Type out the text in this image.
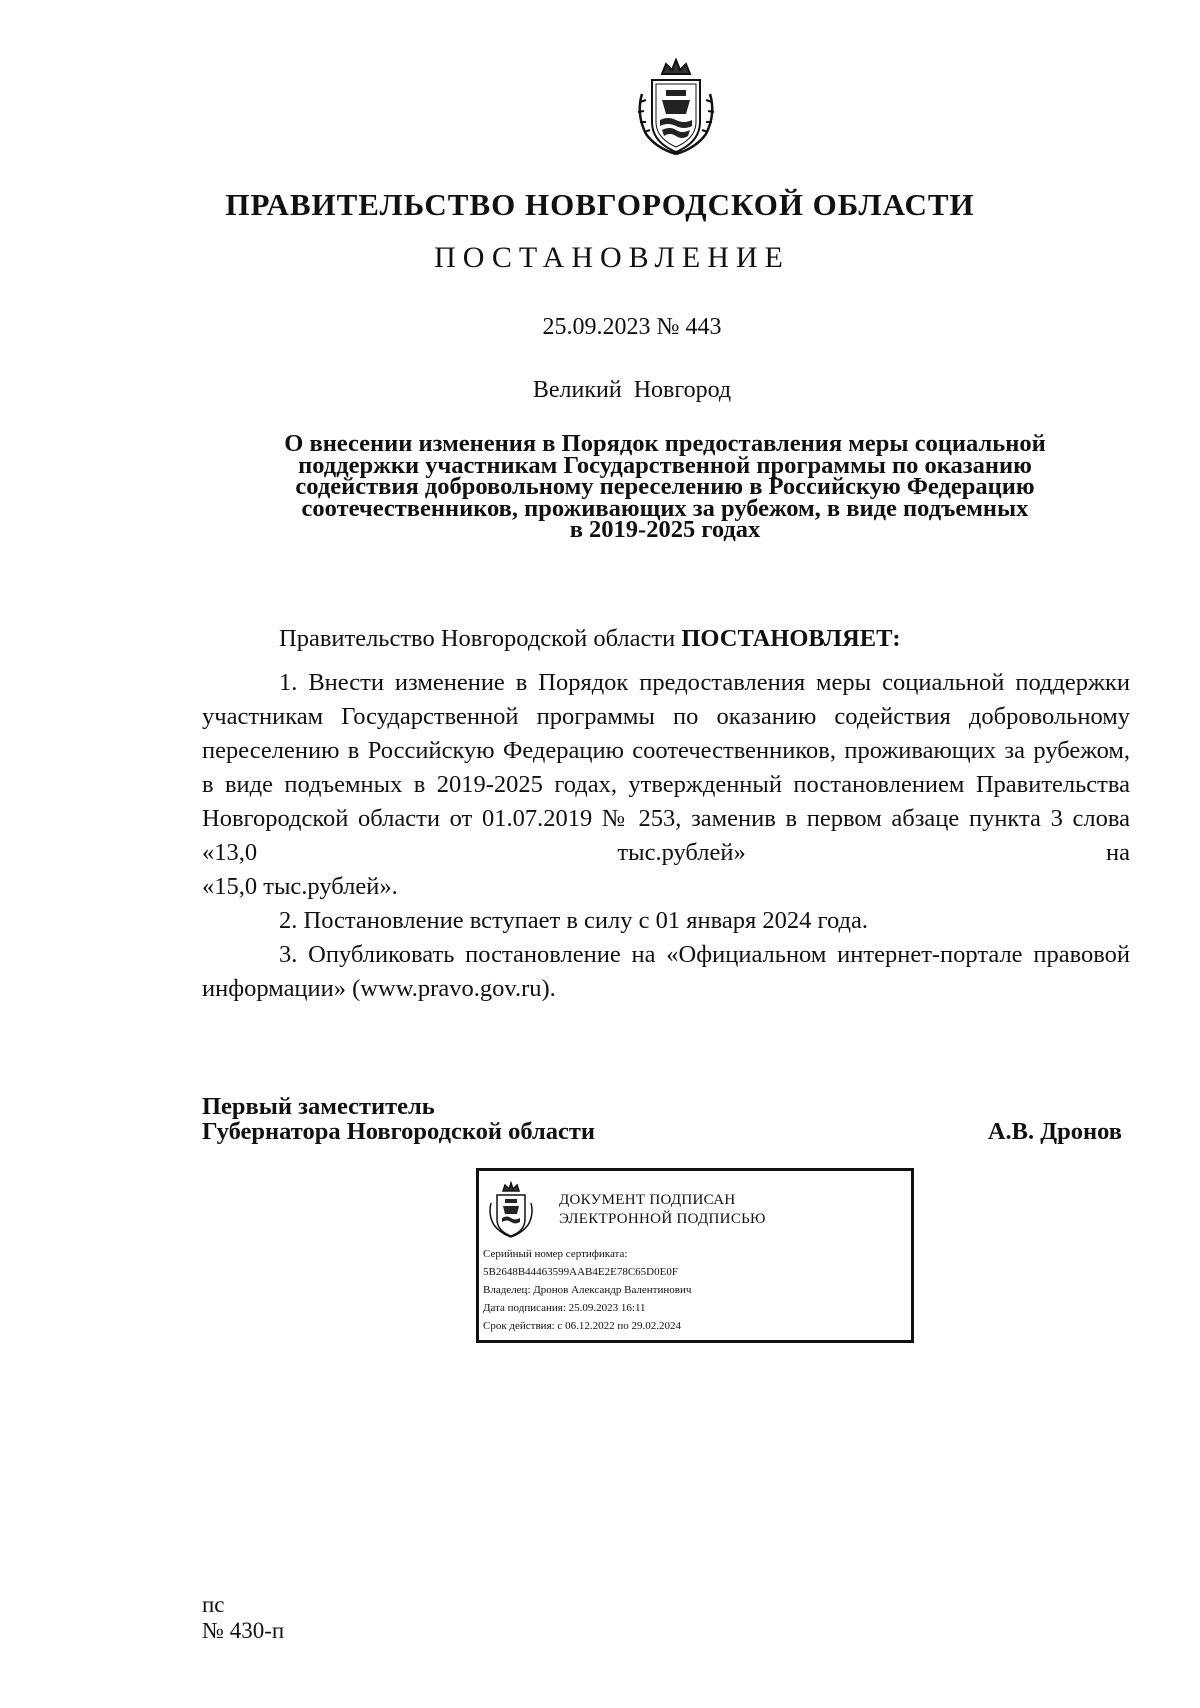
ПРАВИТЕЛЬСТВО НОВГОРОДСКОЙ ОБЛАСТИ
ПОСТАНОВЛЕНИЕ
25.09.2023 № 443
Великий Новгород
О внесении изменения в Порядок предоставления меры социальной
поддержки участникам Государственной программы по оказанию
содействия добровольному переселению в Российскую Федерацию
соотечественников, проживающих за рубежом, в виде подъемных
в 2019-2025 годах

Правительство Новгородской области ПОСТАНОВЛЯЕТ:

1. Внести изменение в Порядок предоставления меры социальной поддержки участникам Государственной программы по оказанию содействия добровольному переселению в Российскую Федерацию соотечественников, проживающих за рубежом, в виде подъемных в 2019-2025 годах, утвержденный постановлением Правительства Новгородской области от 01.07.2019 № 253, заменив в первом абзаце пункта 3 слова «13,0 тыс.рублей» на

«15,0 тыс.рублей».

2. Постановление вступает в силу с 01 января 2024 года.

3. Опубликовать постановление на «Официальном интернет-портале правовой информации» (www.pravo.gov.ru).

Первый заместитель
Губернатора Новгородской области	А.В. Дронов
ДОКУМЕНТ ПОДПИСАН
ЭЛЕКТРОННОЙ ПОДПИСЬЮ
Серийный номер сертификата:
5B2648B44463599AAB4E2E78C65D0E0F
Владелец: Дронов Александр Валентинович
Дата подписания: 25.09.2023 16:11
Срок действия: с 06.12.2022 по 29.02.2024
пс
№ 430-п
